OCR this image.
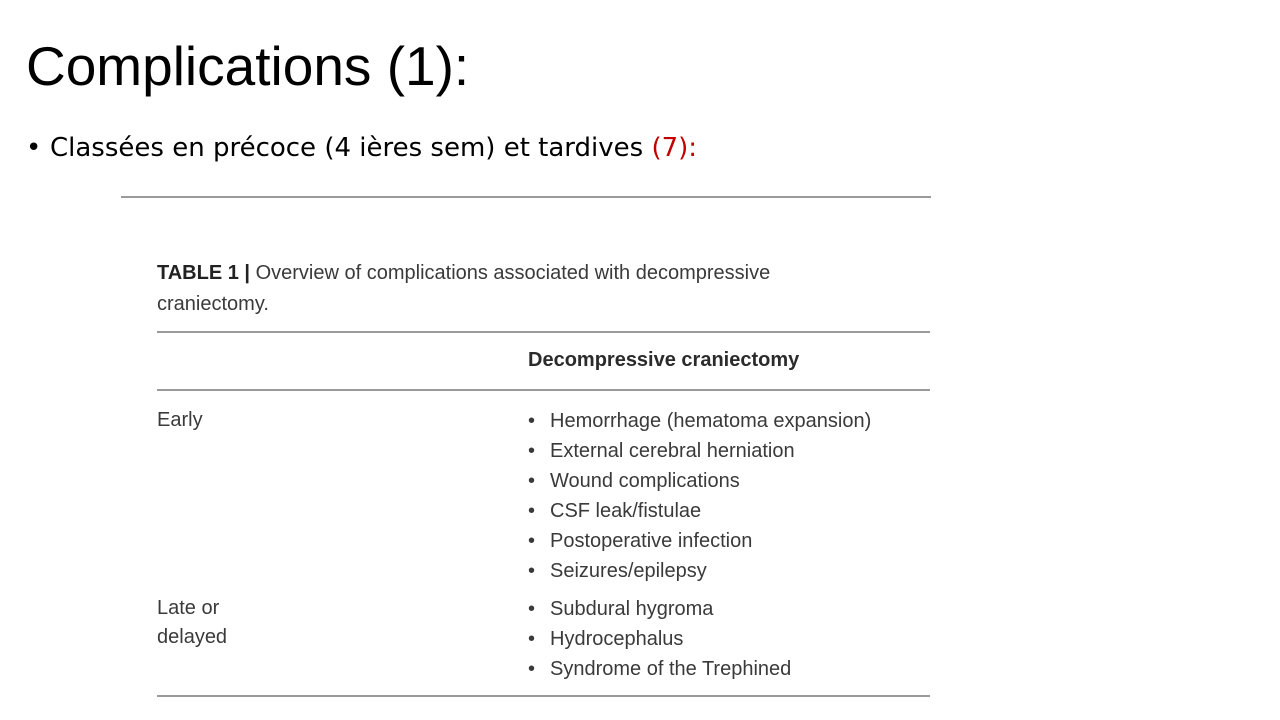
Complications (1):
• Classées en précoce (4 ières sem) et tardives (7):
TABLE 1 | Overview of complications associated with decompressive craniectomy.
Decompressive craniectomy
Early	• Hemorrhage (hematoma expansion)
• External cerebral herniation
• Wound complications
• CSF leak/fistulae
• Postoperative infection
• Seizures/epilepsy
Late or delayed
• Subdural hygroma
• Hydrocephalus
• Syndrome of the Trephined
